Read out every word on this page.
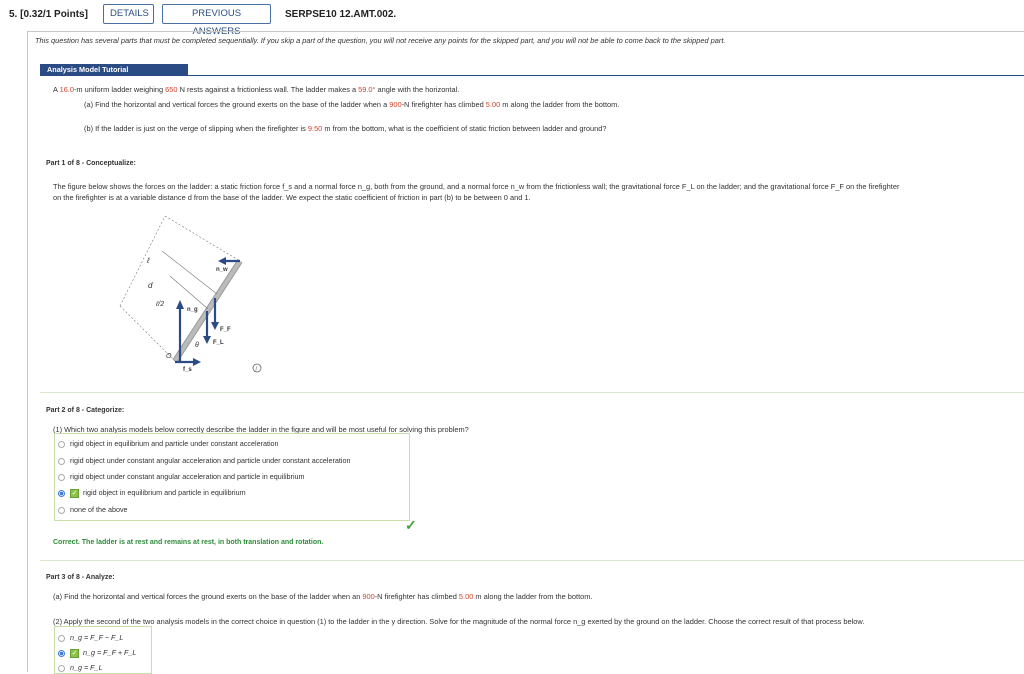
5. [0.32/1 Points]	DETAILS	PREVIOUS	SERPSE10 12.AMT.002.
This question has several parts that must be completed sequentially. If you skip a part of the question, you will not receive any points for the skipped part, and you will not be able to come back to the skipped part.
Analysis Model Tutorial
A 16.0-m uniform ladder weighing 650 N rests against a frictionless wall. The ladder makes a 59.0° angle with the horizontal.
(a) Find the horizontal and vertical forces the ground exerts on the base of the ladder when a 900-N firefighter has climbed 5.00 m along the ladder from the bottom.
(b) If the ladder is just on the verge of slipping when the firefighter is 9.50 m from the bottom, what is the coefficient of static friction between ladder and ground?
Part 1 of 8 - Conceptualize:
The figure below shows the forces on the ladder: a static friction force f_s and a normal force n_g, both from the ground, and a normal force n_w from the frictionless wall; the gravitational force F_L on the ladder; and the gravitational force F_F on the firefighter
on the firefighter is at a variable distance d from the base of the ladder. We expect the static coefficient of friction in part (b) to be between 0 and 1.
ℓ
d
ℓ/2
n_w
n_g
F_F
F_L
θ
O
f_s	i
Part 2 of 8 - Categorize:
(1) Which two analysis models below correctly describe the ladder in the figure and will be most useful for solving this problem?
rigid object in equilibrium and particle under constant acceleration
rigid object under constant angular acceleration and particle under constant acceleration
rigid object under constant angular acceleration and particle in equilibrium
✓ rigid object in equilibrium and particle in equilibrium
none of the above
✓
Correct. The ladder is at rest and remains at rest, in both translation and rotation.
Part 3 of 8 - Analyze:
(a) Find the horizontal and vertical forces the ground exerts on the base of the ladder when an 900-N firefighter has climbed 5.00 m along the ladder from the bottom.
(2) Apply the second of the two analysis models in the correct choice in question (1) to the ladder in the y direction. Solve for the magnitude of the normal force n_g exerted by the ground on the ladder. Choose the correct result of that process below.
n_g = F_F − F_L
✓ n_g = F_F + F_L
n_g = F_L
